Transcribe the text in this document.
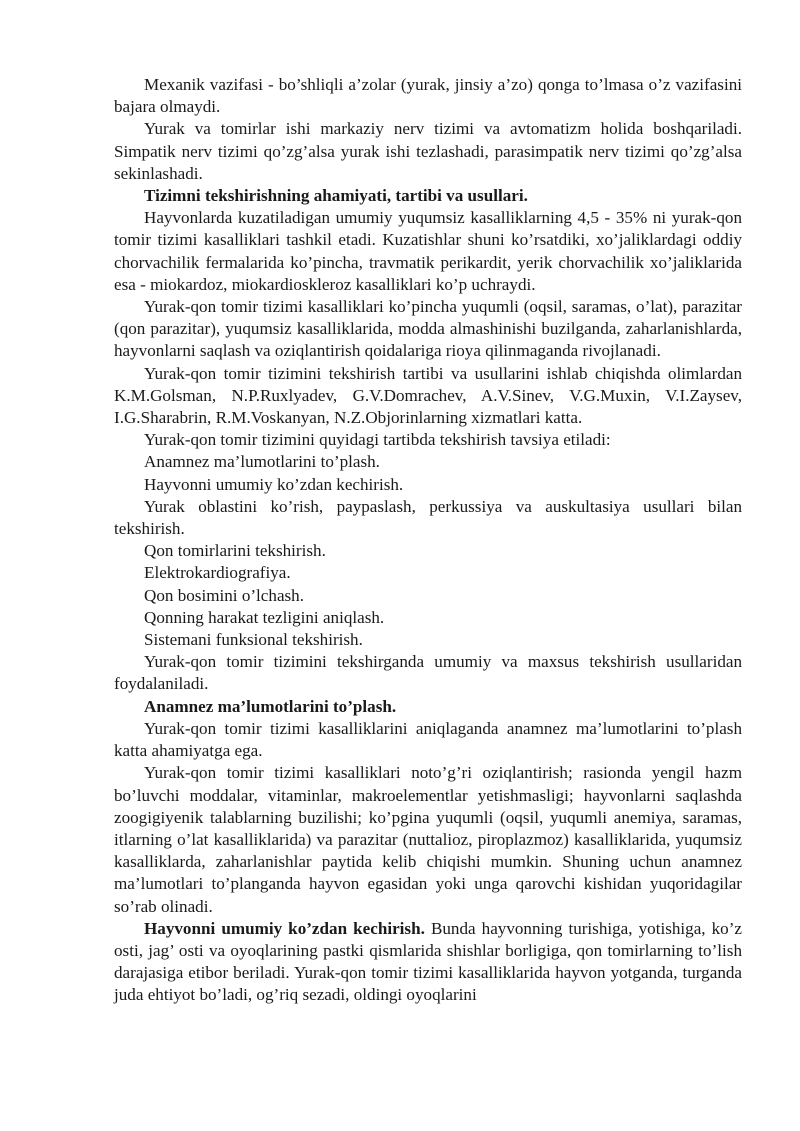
Mexanik vazifasi - bo’shliqli a’zolar (yurak, jinsiy a’zo) qonga to’lmasa o’z vazifasini bajara olmaydi.

Yurak va tomirlar ishi markaziy nerv tizimi va avtomatizm holida boshqariladi. Simpatik nerv tizimi qo’zg’alsa yurak ishi tezlashadi, parasimpatik nerv tizimi qo’zg’alsa sekinlashadi.

Tizimni tekshirishning ahamiyati, tartibi va usullari.

Hayvonlarda kuzatiladigan umumiy yuqumsiz kasalliklarning 4,5 - 35% ni yurak-qon tomir tizimi kasalliklari tashkil etadi. Kuzatishlar shuni ko’rsatdiki, xo’jaliklardagi oddiy chorvachilik fermalarida ko’pincha, travmatik perikardit, yerik chorvachilik xo’jaliklarida esa - miokardoz, miokardioskleroz kasalliklari ko’p uchraydi.

Yurak-qon tomir tizimi kasalliklari ko’pincha yuqumli (oqsil, saramas, o’lat), parazitar (qon parazitar), yuqumsiz kasalliklarida, modda almashinishi buzilganda, zaharlanishlarda, hayvonlarni saqlash va oziqlantirish qoidalariga rioya qilinmaganda rivojlanadi.

Yurak-qon tomir tizimini tekshirish tartibi va usullarini ishlab chiqishda olimlardan K.M.Golsman, N.P.Ruxlyadev, G.V.Domrachev, A.V.Sinev, V.G.Muxin, V.I.Zaysev, I.G.Sharabrin, R.M.Voskanyan, N.Z.Objorinlarning xizmatlari katta.

Yurak-qon tomir tizimini quyidagi tartibda tekshirish tavsiya etiladi:

Anamnez ma’lumotlarini to’plash.

Hayvonni umumiy ko’zdan kechirish.

Yurak oblastini ko’rish, paypaslash, perkussiya va auskultasiya usullari bilan tekshirish.

Qon tomirlarini tekshirish.

Elektrokardiografiya.

Qon bosimini o’lchash.

Qonning harakat tezligini aniqlash.

Sistemani funksional tekshirish.

Yurak-qon tomir tizimini tekshirganda umumiy va maxsus tekshirish usullaridan foydalaniladi.

Anamnez ma’lumotlarini to’plash.

Yurak-qon tomir tizimi kasalliklarini aniqlaganda anamnez ma’lumotlarini to’plash katta ahamiyatga ega.

Yurak-qon tomir tizimi kasalliklari noto’g’ri oziqlantirish; rasionda yengil hazm bo’luvchi moddalar, vitaminlar, makroelementlar yetishmasligi; hayvonlarni saqlashda zoogigiyenik talablarning buzilishi; ko’pgina yuqumli (oqsil, yuqumli anemiya, saramas, itlarning o’lat kasalliklarida) va parazitar (nuttalioz, piroplazmoz) kasalliklarida, yuqumsiz kasalliklarda, zaharlanishlar paytida kelib chiqishi mumkin. Shuning uchun anamnez ma’lumotlari to’planganda hayvon egasidan yoki unga qarovchi kishidan yuqoridagilar so’rab olinadi.

Hayvonni umumiy ko’zdan kechirish. Bunda hayvonning turishiga, yotishiga, ko’z osti, jag’ osti va oyoqlarining pastki qismlarida shishlar borligiga, qon tomirlarning to’lish darajasiga etibor beriladi. Yurak-qon tomir tizimi kasalliklarida hayvon yotganda, turganda juda ehtiyot bo’ladi, og’riq sezadi, oldingi oyoqlarini
